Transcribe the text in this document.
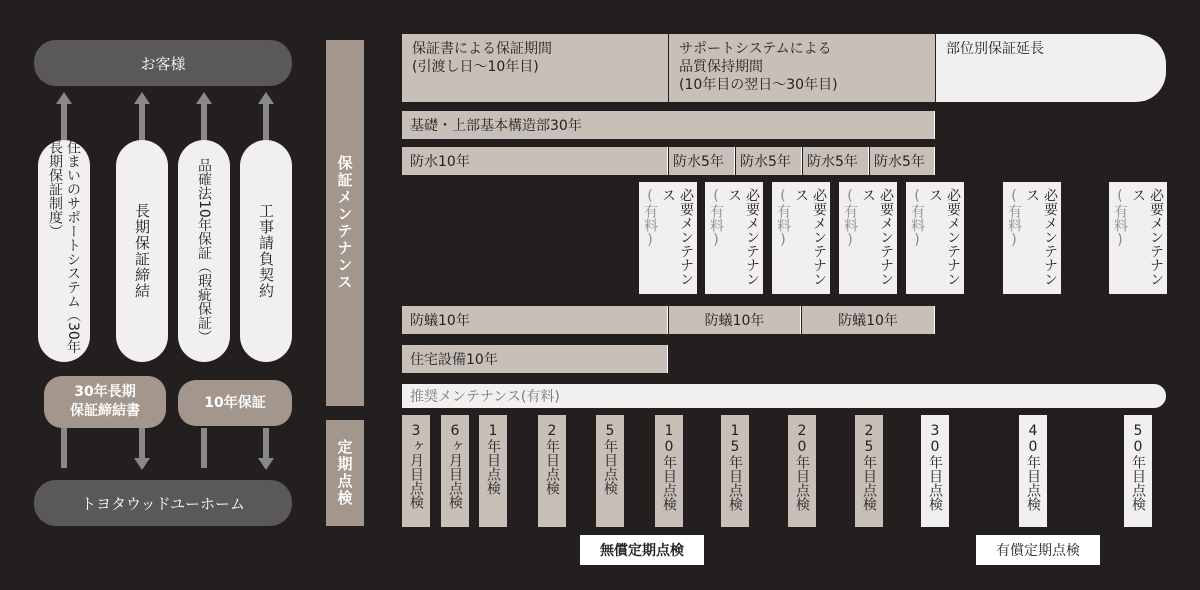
お客様
トヨタウッドユーホーム
住まいのサポートシステム（30年長期保証制度）
長期保証締結	品確法10年保証（瑕疵保証）	工事請負契約
30年長期
保証締結書
10年保証
保証メンテナンス
定期点検
保証書による保証期間
(引渡し日〜10年目)
サポートシステムによる
品質保持期間
(10年目の翌日〜30年目)
部位別保証延長
基礎・上部基本構造部30年
防水10年	防水5年 防水5年 防水5年 防水5年
必要メンテナンス
(有料)	必要メンテナンス
(有料)	必要メンテナンス
(有料)	必要メンテナンス
(有料)	必要メンテナンス
(有料)	必要メンテナンス
(有料)	必要メンテナンス
(有料)
防蟻10年	防蟻10年	防蟻10年
住宅設備10年
推奨メンテナンス(有料)
3ヶ月目点検 6ヶ月目点検 1年目点検	2年目点検	5年目点検	10年目点検	15年目点検	20年目点検	25年目点検	30年目点検	40年目点検	50年目点検
無償定期点検	有償定期点検
